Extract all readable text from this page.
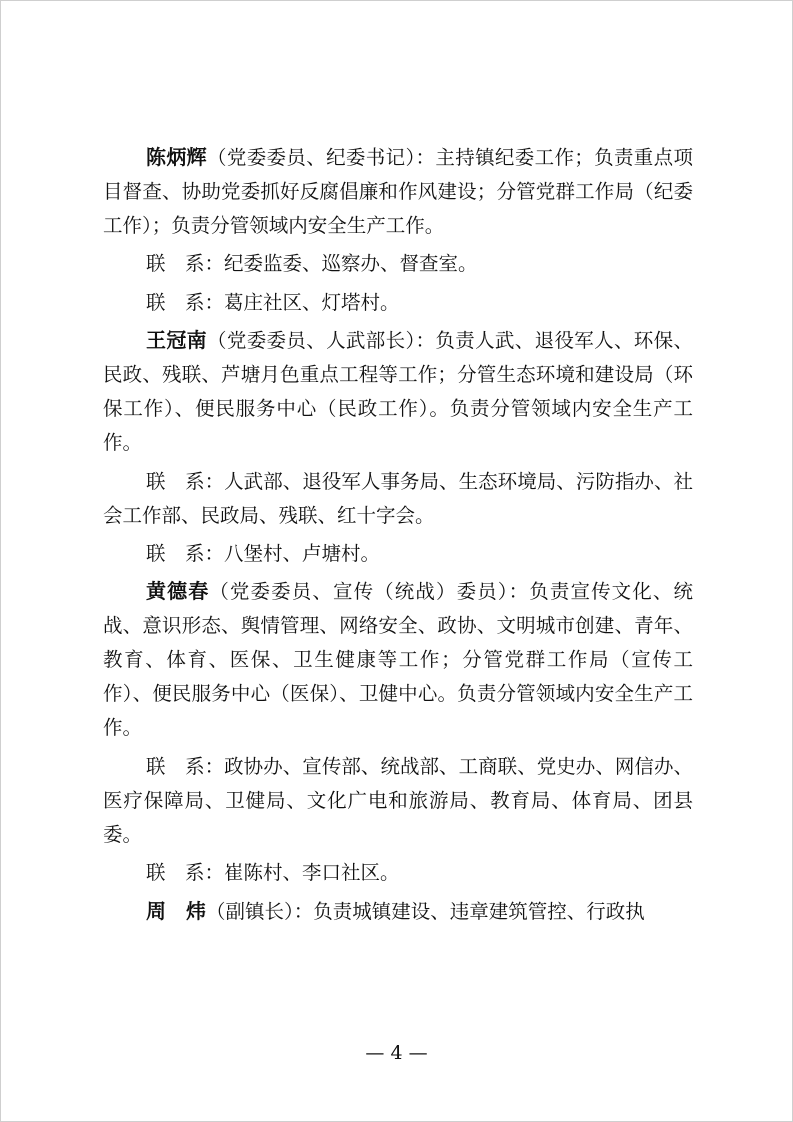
陈炳辉（党委委员、纪委书记）：主持镇纪委工作；负责重点项目督查、协助党委抓好反腐倡廉和作风建设；分管党群工作局（纪委工作）；负责分管领域内安全生产工作。

联　系：纪委监委、巡察办、督查室。

联　系：葛庄社区、灯塔村。

王冠南（党委委员、人武部长）：负责人武、退役军人、环保、民政、残联、芦塘月色重点工程等工作；分管生态环境和建设局（环保工作）、便民服务中心（民政工作）。负责分管领域内安全生产工作。

联　系：人武部、退役军人事务局、生态环境局、污防指办、社会工作部、民政局、残联、红十字会。

联　系：八堡村、卢塘村。

黄德春（党委委员、宣传（统战）委员）：负责宣传文化、统战、意识形态、舆情管理、网络安全、政协、文明城市创建、青年、教育、体育、医保、卫生健康等工作；分管党群工作局（宣传工作）、便民服务中心（医保）、卫健中心。负责分管领域内安全生产工作。

联　系：政协办、宣传部、统战部、工商联、党史办、网信办、医疗保障局、卫健局、文化广电和旅游局、教育局、体育局、团县委。

联　系：崔陈村、李口社区。

周　炜（副镇长）：负责城镇建设、违章建筑管控、行政执

— 4 —
